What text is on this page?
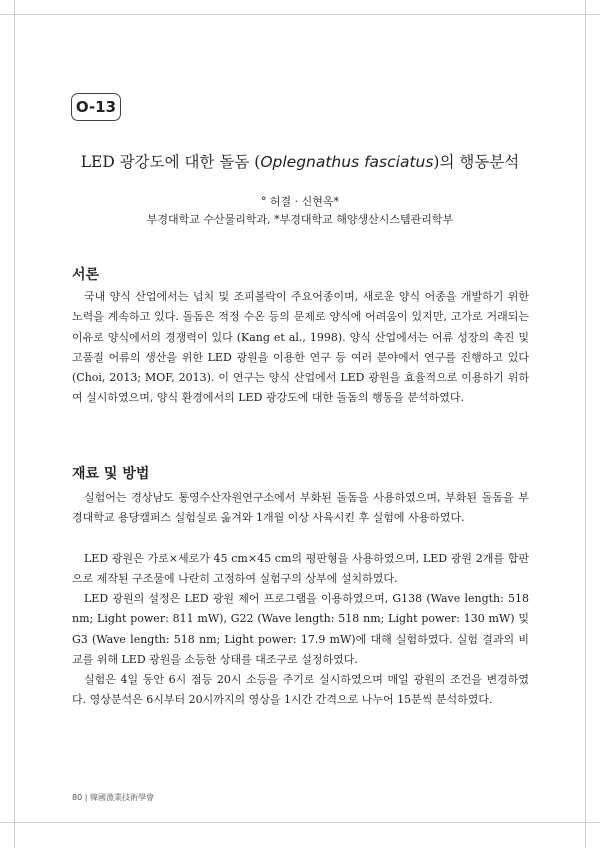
O-13
LED 광강도에 대한 돌돔 (Oplegnathus fasciatus)의 행동분석
° 허결 · 신현옥*
부경대학교 수산물리학과, *부경대학교 해양생산시스템관리학부
서론

국내 양식 산업에서는 넙치 및 조피볼락이 주요어종이며, 새로운 양식 어종을 개발하기 위한 노력을 계속하고 있다. 돌돔은 적정 수온 등의 문제로 양식에 어려움이 있지만, 고가로 거래되는 이유로 양식에서의 경쟁력이 있다 (Kang et al., 1998). 양식 산업에서는 어류 성장의 촉진 및 고품질 어류의 생산을 위한 LED 광원을 이용한 연구 등 여러 분야에서 연구를 진행하고 있다 (Choi, 2013; MOF, 2013). 이 연구는 양식 산업에서 LED 광원을 효율적으로 이용하기 위하여 실시하였으며, 양식 환경에서의 LED 광강도에 대한 돌돔의 행동을 분석하였다.

재료 및 방법

실험어는 경상남도 통영수산자원연구소에서 부화된 돌돔을 사용하였으며, 부화된 돌돔을 부경대학교 용당캠퍼스 실험실로 옮겨와 1개월 이상 사육시킨 후 실험에 사용하였다.

LED 광원은 가로×세로가 45 cm×45 cm의 평판형을 사용하였으며, LED 광원 2개를 합판으로 제작된 구조물에 나란히 고정하여 실험구의 상부에 설치하였다.

LED 광원의 설정은 LED 광원 제어 프로그램을 이용하였으며, G138 (Wave length: 518 nm; Light power: 811 mW), G22 (Wave length: 518 nm; Light power: 130 mW) 및 G3 (Wave length: 518 nm; Light power: 17.9 mW)에 대해 실험하였다. 실험 결과의 비교를 위해 LED 광원을 소등한 상태를 대조구로 설정하였다.

실험은 4일 동안 6시 점등 20시 소등을 주기로 실시하였으며 매일 광원의 조건을 변경하였다. 영상분석은 6시부터 20시까지의 영상을 1시간 간격으로 나누어 15분씩 분석하였다.

80 | 韓國漁業技術學會
